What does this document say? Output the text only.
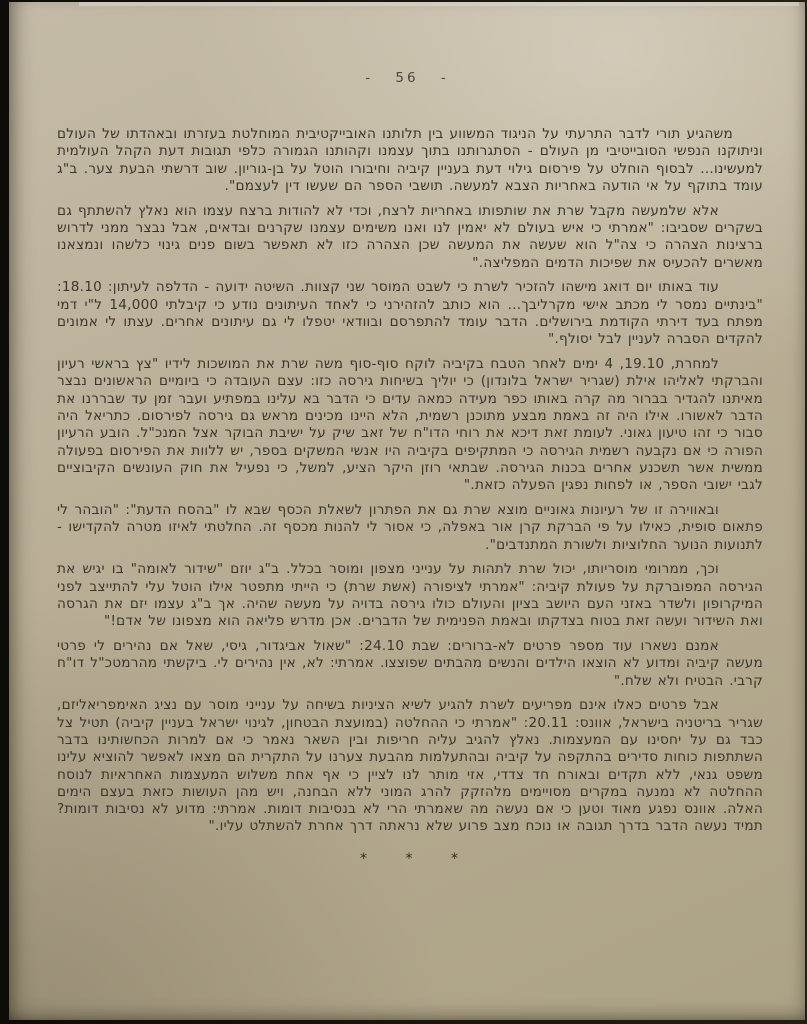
- 56 -

משהגיע תורי לדבר התרעתי על הניגוד המשווע בין תלותנו האובייקטיבית המוחלטת בעזרתו ובאהדתו של העולם וניתוקנו הנפשי הסובייטיבי מן העולם - הסתגרותנו בתוך עצמנו וקהותנו הגמורה כלפי תגובות דעת הקהל העולמית למעשינו... לבסוף הוחלט על פירסום גילוי דעת בעניין קיביה וחיבורו הוטל על בן-גוריון. שוב דרשתי הבעת צער. ב"ג עומד בתוקף על אי הודעה באחריות הצבא למעשה. תושבי הספר הם שעשו דין לעצמם".

אלא שלמעשה מקבל שרת את שותפותו באחריות לרצח, וכדי לא להודות ברצח עצמו הוא נאלץ להשתתף גם בשקרים שסביבו: "אמרתי כי איש בעולם לא יאמין לנו ואנו משימים עצמנו שקרנים ובדאים, אבל נבצר ממני לדרוש ברצינות הצהרה כי צה"ל הוא שעשה את המעשה שכן הצהרה כזו לא תאפשר בשום פנים גינוי כלשהו ונמצאנו מאשרים להכעיס את שפיכות הדמים המפליצה."

עוד באותו יום דואג מישהו להזכיר לשרת כי לשבט המוסר שני קצוות. השיטה ידועה - הדלפה לעיתון: 18.10: "בינתיים נמסר לי מכתב אישי מקרליבך... הוא כותב להזהירני כי לאחד העיתונים נודע כי קיבלתי 14,000 ל"י דמי מפתח בעד דירתי הקודמת בירושלים. הדבר עומד להתפרסם ובוודאי יטפלו לי גם עיתונים אחרים. עצתו לי אמונים להקדים הסברה לעניין לבל יסולף."

למחרת, 19.10, 4 ימים לאחר הטבח בקיביה לוקח סוף-סוף משה שרת את המושכות לידיו "צץ בראשי רעיון והברקתי לאליהו אילת (שגריר ישראל בלונדון) כי יוליך בשיחות גירסה כזו: עצם העובדה כי ביומיים הראשונים נבצר מאיתנו להגדיר בברור מה קרה באותו כפר מעידה כמאה עדים כי הדבר בא עלינו במפתיע ועבר זמן עד שבררנו את הדבר לאשורו. אילו היה זה באמת מבצע מתוכנן רשמית, הלא היינו מכינים מראש גם גירסה לפירסום. כתריאל היה סבור כי זהו טיעון גאוני. לעומת זאת דיכא את רוחי הדו"ח של זאב שיק על ישיבת הבוקר אצל המנכ"ל. הובע הרעיון הפורה כי אם נקבעה רשמית הגירסה כי המתקיפים בקיביה היו אנשי המשקים בספר, יש ללוות את הפירסום בפעולה ממשית אשר תשכנע אחרים בכנות הגירסה. שבתאי רוזן היקר הציע, למשל, כי נפעיל את חוק העונשים הקיבוציים לגבי ישובי הספר, או לפחות נפגין הפעלה כזאת."

ובאווירה זו של רעיונות גאוניים מוצא שרת גם את הפתרון לשאלת הכסף שבא לו "בהסח הדעת": "הובהר לי פתאום סופית, כאילו על פי הברקת קרן אור באפלה, כי אסור לי להנות מכסף זה. החלטתי לאיזו מטרה להקדישו - לתנועות הנוער החלוציות ולשורת המתנדבים".

וכך, ממרומי מוסריותו, יכול שרת לתהות על ענייני מצפון ומוסר בכלל. ב"ג יוזם "שידור לאומה" בו יגיש את הגירסה המפוברקת על פעולת קיביה: "אמרתי לציפורה (אשת שרת) כי הייתי מתפטר אילו הוטל עלי להתייצב לפני המיקרופון ולשדר באזני העם היושב בציון והעולם כולו גירסה בדויה על מעשה שהיה. אך ב"ג עצמו יזם את הגרסה ואת השידור ועשה זאת בטוח בצדקתו ובאמת הפנימית של הדברים. אכן מדרש פליאה הוא מצפונו של אדם!"

אמנם נשארו עוד מספר פרטים לא-ברורים: שבת 24.10: "שאול אביגדור, גיסי, שאל אם נהירים לי פרטי מעשה קיביה ומדוע לא הוצאו הילדים והנשים מהבתים שפוצצו. אמרתי: לא, אין נהירים לי. ביקשתי מהרמטכ"ל דו"ח קרבי. הבטיח ולא שלח."

אבל פרטים כאלו אינם מפריעים לשרת להגיע לשיא הציניות בשיחה על ענייני מוסר עם נציג האימפריאליזם, שגריר בריטניה בישראל, אוונס: 20.11: "אמרתי כי ההחלטה (במועצת הבטחון, לגינוי ישראל בעניין קיביה) תטיל צל כבד גם על יחסינו עם המעצמות. נאלץ להגיב עליה חריפות ובין השאר נאמר כי אם למרות הכחשותינו בדבר השתתפות כוחות סדירים בהתקפה על קיביה ובהתעלמות מהבעת צערנו על התקרית הם מצאו לאפשר להוציא עלינו משפט גנאי, ללא תקדים ובאורח חד צדדי, אזי מותר לנו לציין כי אף אחת משלוש המעצמות האחראיות לנוסח ההחלטה לא נמנעה במקרים מסויימים מלהזקק להרג המוני ללא הבחנה, ויש מהן העושות כזאת בעצם הימים האלה. אוונס נפגע מאוד וטען כי אם נעשה מה שאמרתי הרי לא בנסיבות דומות. אמרתי: מדוע לא נסיבות דומות? תמיד נעשה הדבר בדרך תגובה או נוכח מצב פרוע שלא נראתה דרך אחרת להשתלט עליו."

* * *
